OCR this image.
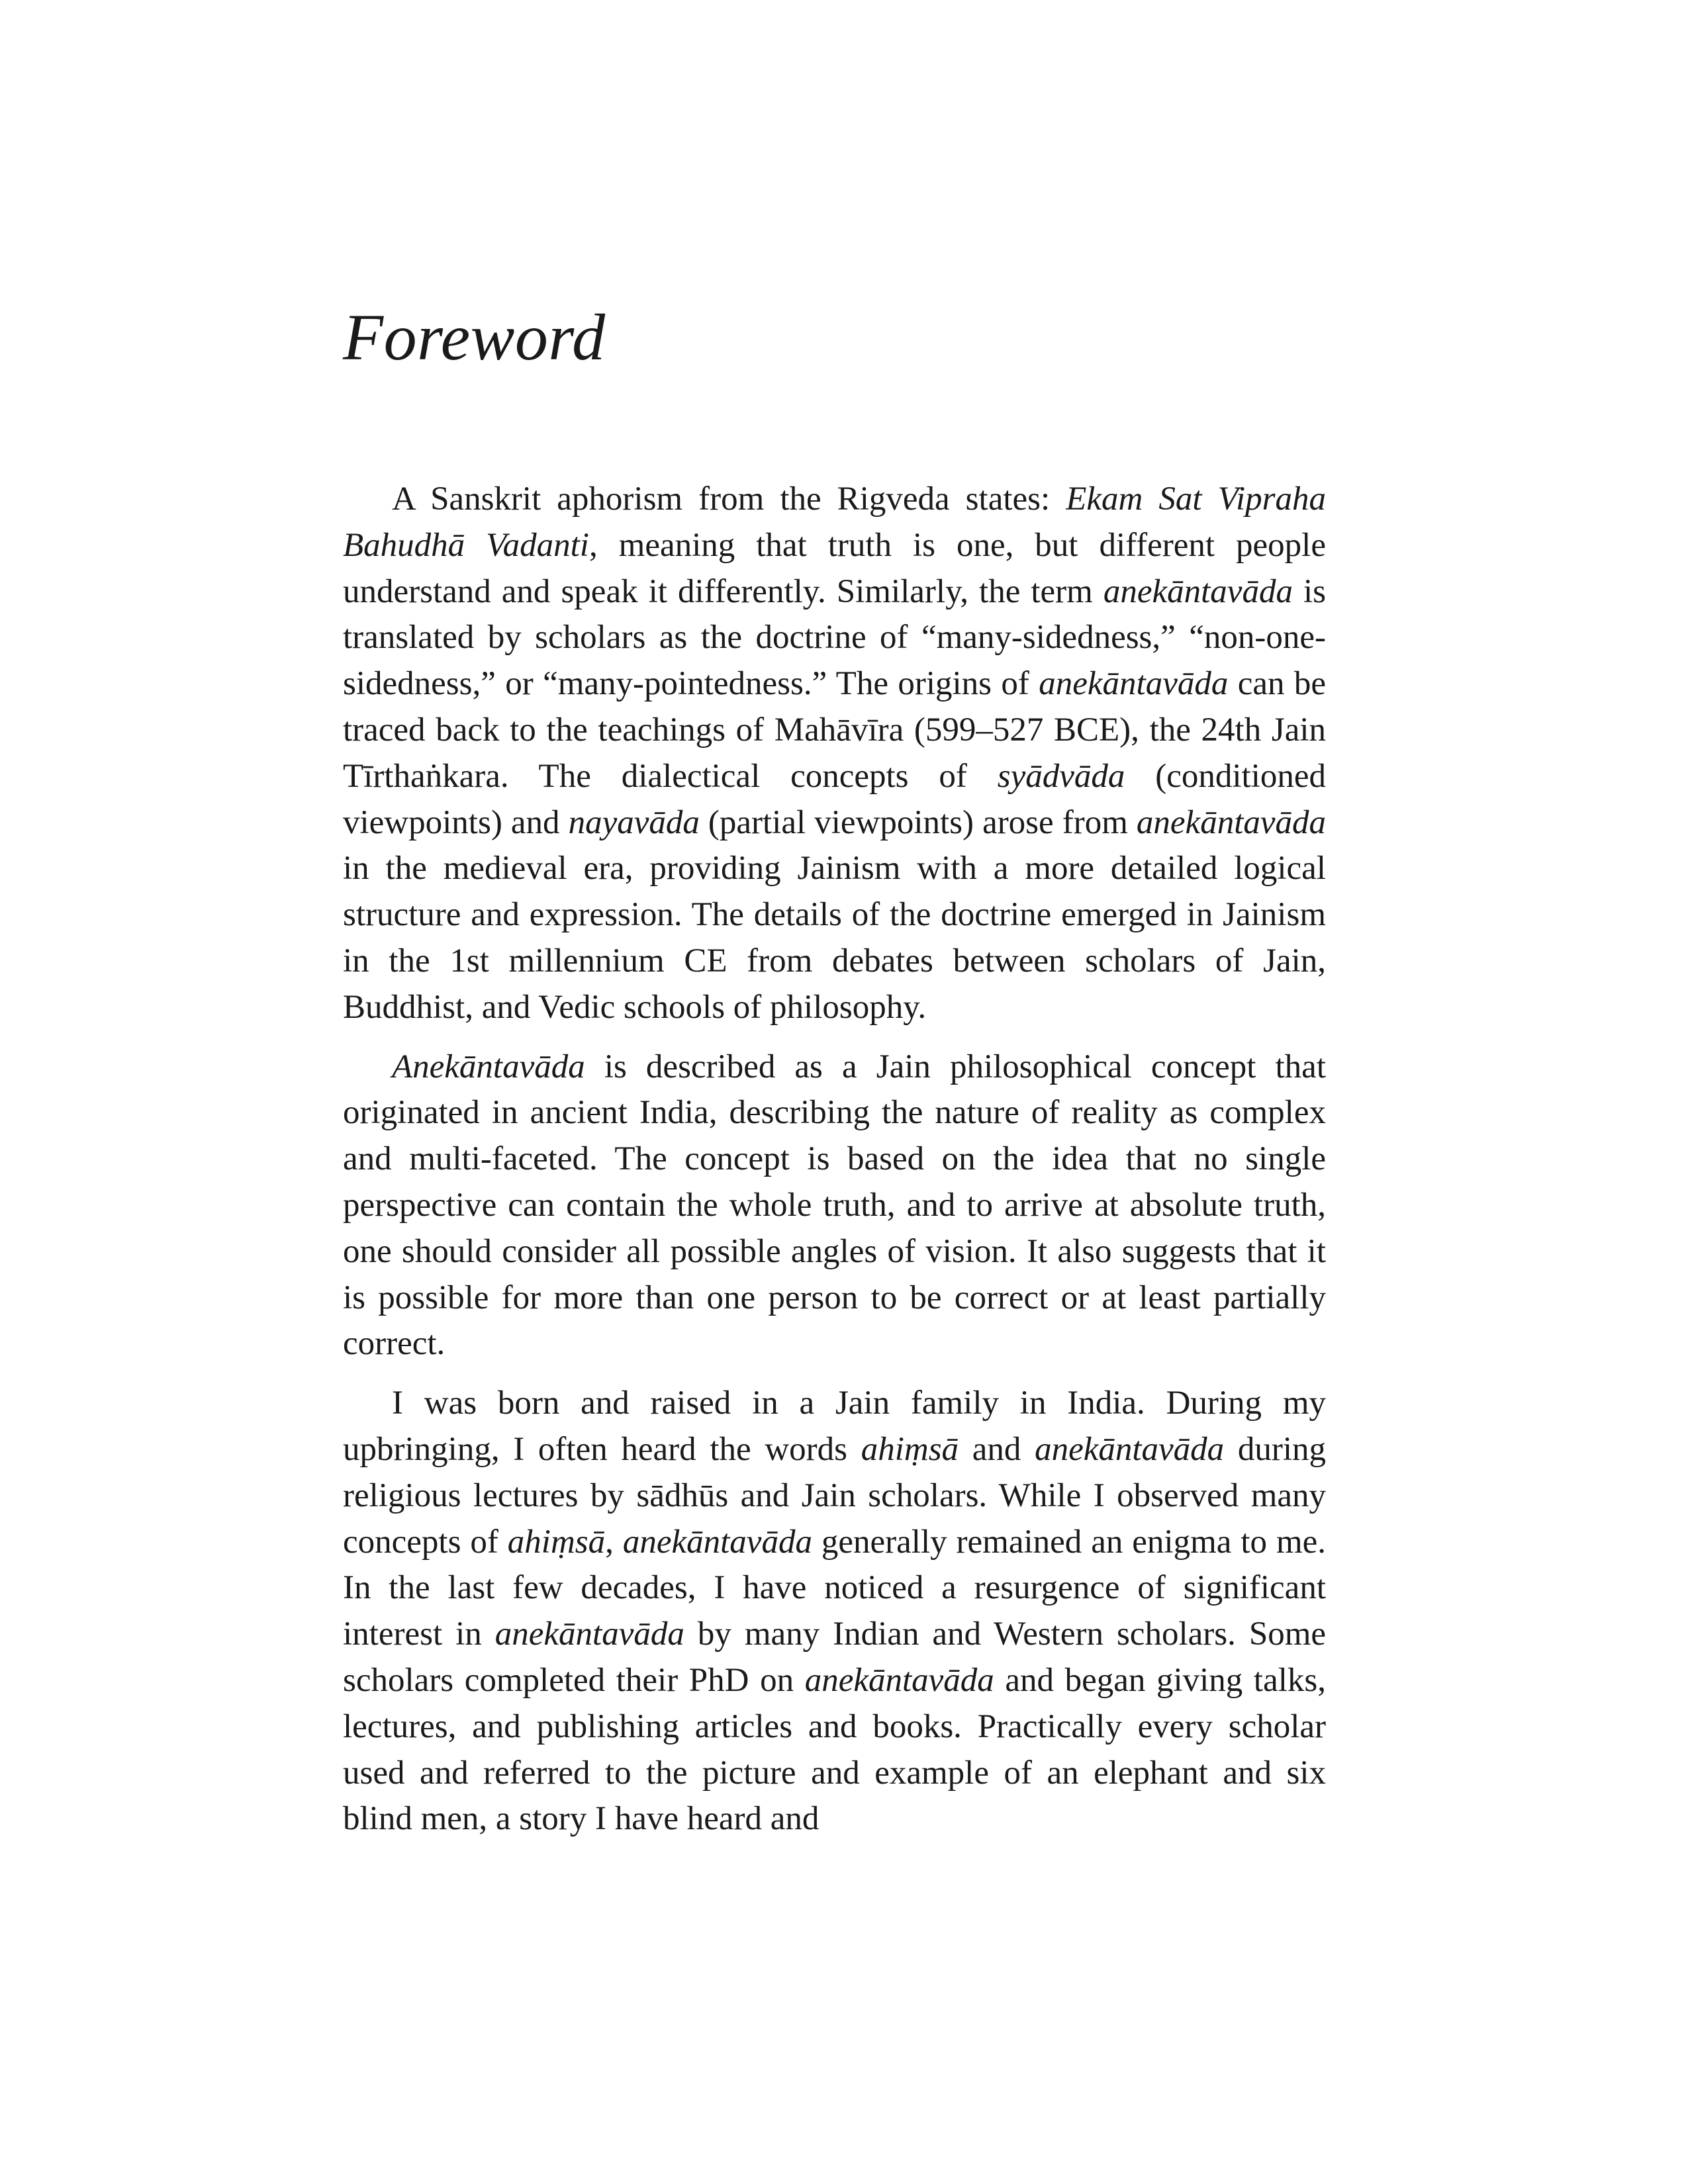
Foreword

A Sanskrit aphorism from the Rigveda states: Ekam Sat Vipraha Bahudhā Vadanti, meaning that truth is one, but different people understand and speak it differently. Similarly, the term anekāntavāda is translated by scholars as the doctrine of “many-sidedness,” “non-one-sidedness,” or “many-pointedness.” The origins of anekāntavāda can be traced back to the teachings of Mahāvīra (599–527 BCE), the 24th Jain Tīrthaṅkara. The dialectical concepts of syādvāda (conditioned viewpoints) and nayavāda (partial viewpoints) arose from anekāntavāda in the medieval era, providing Jainism with a more detailed logical structure and expression. The details of the doctrine emerged in Jainism in the 1st millennium CE from debates between scholars of Jain, Buddhist, and Vedic schools of philosophy.

Anekāntavāda is described as a Jain philosophical concept that originated in ancient India, describing the nature of reality as complex and multi-faceted. The concept is based on the idea that no single perspective can contain the whole truth, and to arrive at absolute truth, one should consider all possible angles of vision. It also suggests that it is possible for more than one person to be correct or at least partially correct.

I was born and raised in a Jain family in India. During my upbringing, I often heard the words ahiṃsā and anekāntavāda during religious lectures by sādhūs and Jain scholars. While I observed many concepts of ahiṃsā, anekāntavāda generally remained an enigma to me. In the last few decades, I have noticed a resurgence of significant interest in anekāntavāda by many Indian and Western scholars. Some scholars completed their PhD on anekāntavāda and began giving talks, lectures, and publishing articles and books. Practically every scholar used and referred to the picture and example of an elephant and six blind men, a story I have heard and
